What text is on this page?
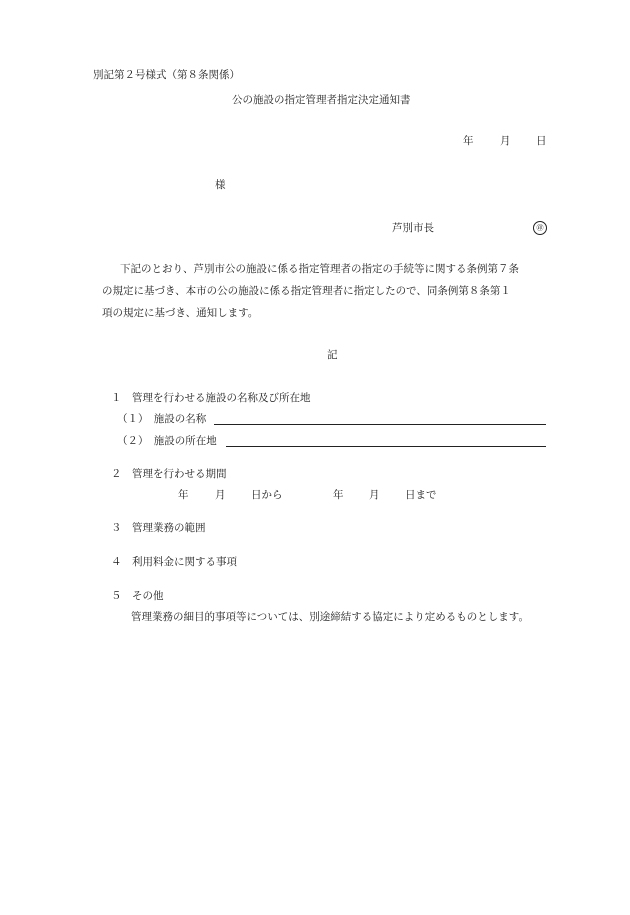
別記第２号様式（第８条関係）
公の施設の指定管理者指定決定通知書
年	月 日
様
芦別市長	㊞
下記のとおり、芦別市公の施設に係る指定管理者の指定の手続等に関する条例第７条
の規定に基づき、本市の公の施設に係る指定管理者に指定したので、同条例第８条第１
項の規定に基づき、通知します。
記
１　管理を行わせる施設の名称及び所在地
（１）　施設の名称
（２）　施設の所在地
２　管理を行わせる期間
年	月 日から	年 月 日まで
３　管理業務の範囲
４　利用料金に関する事項
５　その他
管理業務の細目的事項等については、別途締結する協定により定めるものとします。
